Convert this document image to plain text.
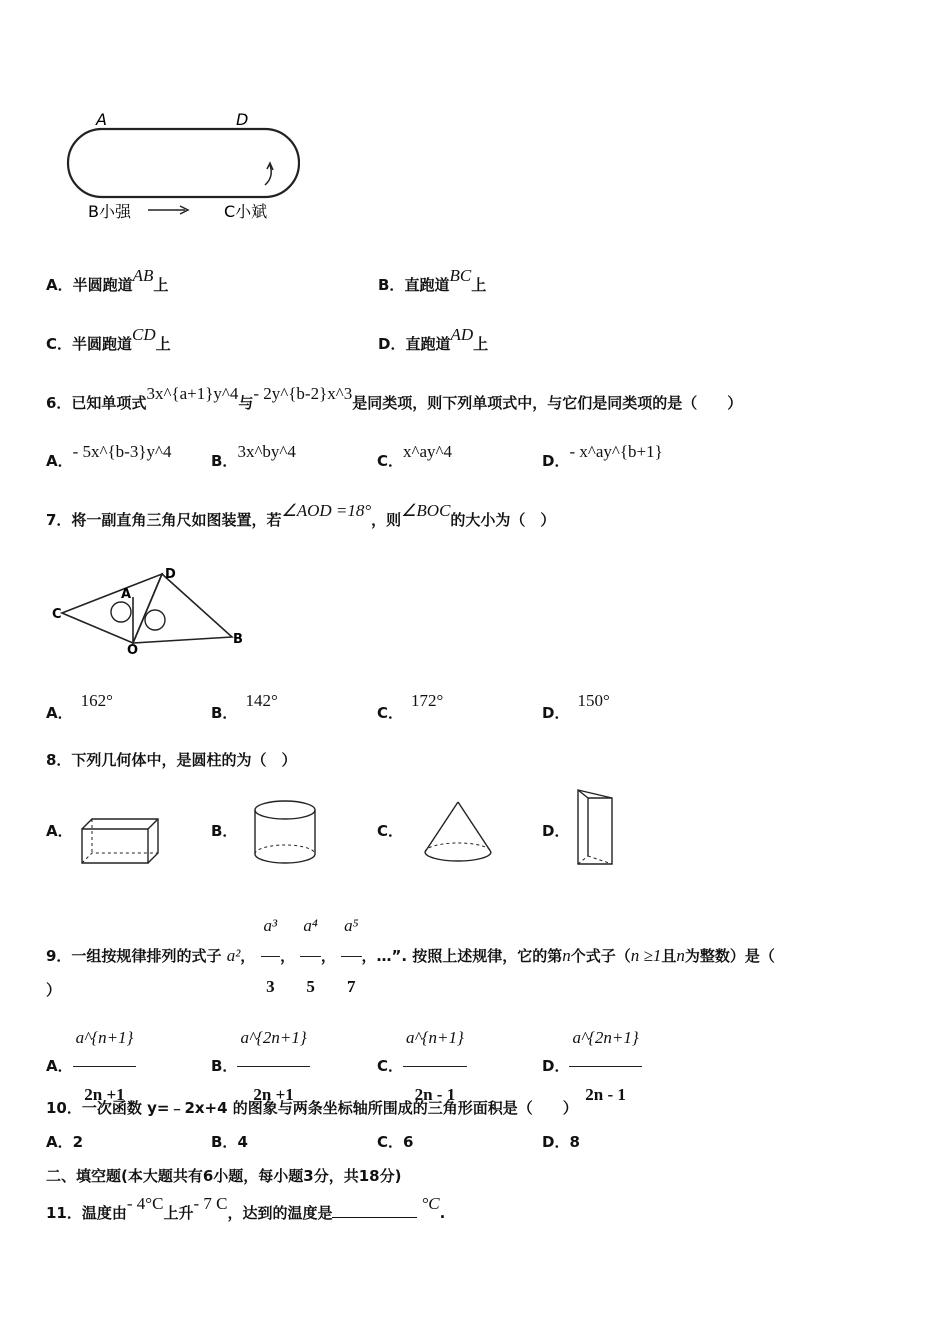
A	D
B小强	C小斌
A．半圆跑道AB上	B．直跑道BC上
C．半圆跑道CD上	D．直跑道AD上
6．已知单项式3x^{a+1}y^4与- 2y^{b-2}x^3是同类项，则下列单项式中，与它们是同类项的是（　　）
A．- 5x^{b-3}y^4	B．3x^by^4	C．x^ay^4	D．- x^ay^{b+1}
7．将一副直角三角尺如图装置，若∠AOD =18°，则∠BOC的大小为（　）
C
A
D
O
B
A．162°
B．142°
C．172°
D．150°
8．下列几何体中，是圆柱的为（　）
A．	B．	C．	D．
9．一组按规律排列的式子 a²， $\frac{\text{a³}}{3}$ ， $\frac{\text{a⁴}}{5}$ ， $\frac{\text{a⁵}}{7}$ ，…”. 按照上述规律，它的第n个式子（n ≥1且n为整数）是（
）
A． $\frac{a\^{}\{n+1\}}{2n +1}$	B． $\frac{a\^{}\{2n+1\}}{2n +1}$	C． $\frac{a\^{}\{n+1\}}{2n - 1}$	D． $\frac{a\^{}\{2n+1\}}{2n - 1}$
10．一次函数 y=﹣2x+4 的图象与两条坐标轴所围成的三角形面积是（　　）
A．2	B．4	C．6	D．8
二、填空题(本大题共有6小题，每小题3分，共18分)
11．温度由- 4°C上升- 7 C，达到的温度是	°C.
